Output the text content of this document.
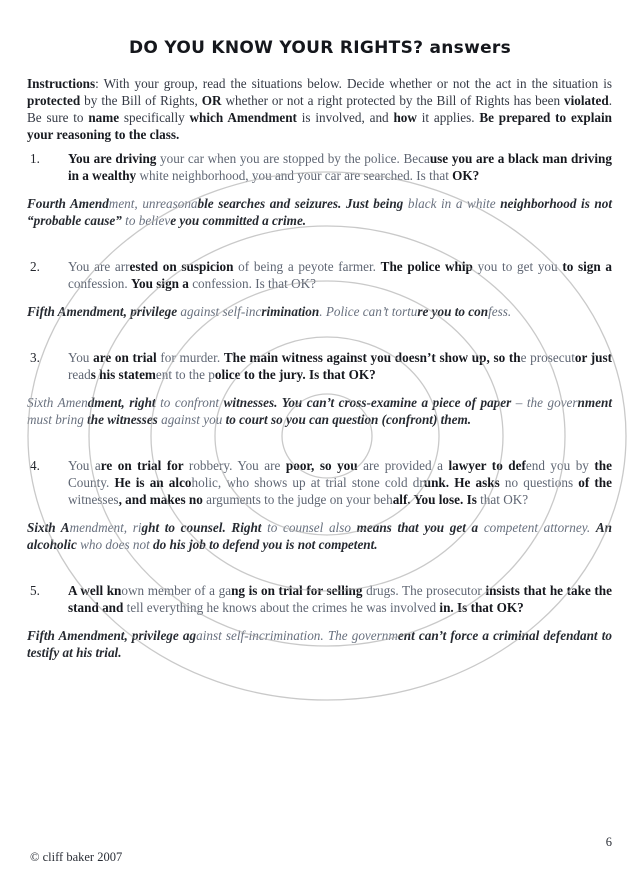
DO YOU KNOW YOUR RIGHTS? answers
Instructions: With your group, read the situations below. Decide whether or not the act in the situation is protected by the Bill of Rights, OR whether or not a right protected by the Bill of Rights has been violated. Be sure to name specifically which Amendment is involved, and how it applies. Be prepared to explain your reasoning to the class.
1. You are driving your car when you are stopped by the police. Because you are a black man driving in a wealthy white neighborhood, you and your car are searched. Is that OK?
Fourth Amendment, unreasonable searches and seizures. Just being black in a white neighborhood is not “probable cause” to believe you committed a crime.
2. You are arrested on suspicion of being a peyote farmer. The police whip you to get you to sign a confession. You sign a confession. Is that OK?
Fifth Amendment, privilege against self-incrimination. Police can’t torture you to confess.
3. You are on trial for murder. The main witness against you doesn’t show up, so the prosecutor just reads his statement to the police to the jury. Is that OK?
Sixth Amendment, right to confront witnesses. You can’t cross-examine a piece of paper – the government must bring the witnesses against you to court so you can question (confront) them.
4. You are on trial for robbery. You are poor, so you are provided a lawyer to defend you by the County. He is an alcoholic, who shows up at trial stone cold drunk. He asks no questions of the witnesses, and makes no arguments to the judge on your behalf. You lose. Is that OK?
Sixth Amendment, right to counsel. Right to counsel also means that you get a competent attorney. An alcoholic who does not do his job to defend you is not competent.
5. A well known member of a gang is on trial for selling drugs. The prosecutor insists that he take the stand and tell everything he knows about the crimes he was involved in. Is that OK?
Fifth Amendment, privilege against self-incrimination. The government can’t force a criminal defendant to testify at his trial.
6
© cliff baker 2007
